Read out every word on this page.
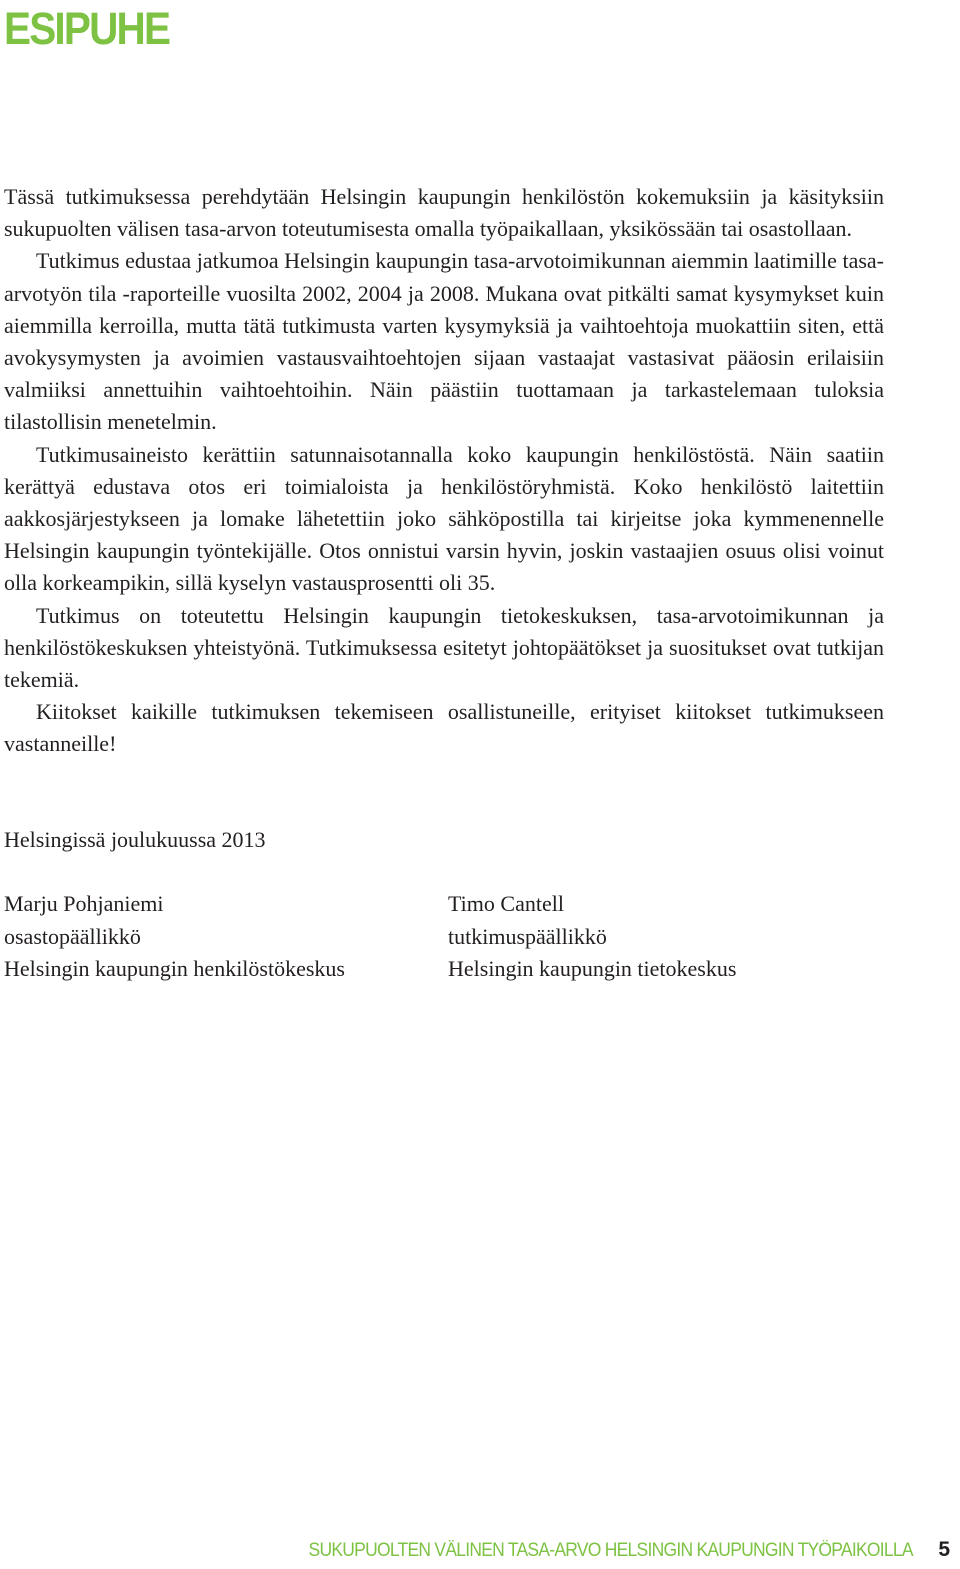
ESIPUHE

Tässä tutkimuksessa perehdytään Helsingin kaupungin henkilöstön kokemuksiin ja käsityksiin sukupuolten välisen tasa-arvon toteutumisesta omalla työpaikallaan, yksikössään tai osastollaan.

Tutkimus edustaa jatkumoa Helsingin kaupungin tasa-arvotoimikunnan aiemmin laatimille tasa-arvotyön tila -raporteille vuosilta 2002, 2004 ja 2008. Mukana ovat pitkälti samat kysymykset kuin aiemmilla kerroilla, mutta tätä tutkimusta varten kysymyksiä ja vaihtoehtoja muokattiin siten, että avokysymysten ja avoimien vastausvaihtoehtojen sijaan vastaajat vastasivat pääosin erilaisiin valmiiksi annettuihin vaihtoehtoihin. Näin päästiin tuottamaan ja tarkastelemaan tuloksia tilastollisin menetelmin.

Tutkimusaineisto kerättiin satunnaisotannalla koko kaupungin henkilöstöstä. Näin saatiin kerättyä edustava otos eri toimialoista ja henkilöstöryhmistä. Koko henkilöstö laitettiin aakkosjärjestykseen ja lomake lähetettiin joko sähköpostilla tai kirjeitse joka kymmenennelle Helsingin kaupungin työntekijälle. Otos onnistui varsin hyvin, joskin vastaajien osuus olisi voinut olla korkeampikin, sillä kyselyn vastausprosentti oli 35.

Tutkimus on toteutettu Helsingin kaupungin tietokeskuksen, tasa-arvotoimikunnan ja henkilöstökeskuksen yhteistyönä. Tutkimuksessa esitetyt johtopäätökset ja suositukset ovat tutkijan tekemiä.

Kiitokset kaikille tutkimuksen tekemiseen osallistuneille, erityiset kiitokset tutkimukseen vastanneille!

Helsingissä joulukuussa 2013

Marju Pohjaniemi
osastopäällikkö
Helsingin kaupungin henkilöstökeskus
Timo Cantell
tutkimuspäällikkö
Helsingin kaupungin tietokeskus
SUKUPUOLTEN VÄLINEN TASA-ARVO HELSINGIN KAUPUNGIN TYÖPAIKOILLA 5
